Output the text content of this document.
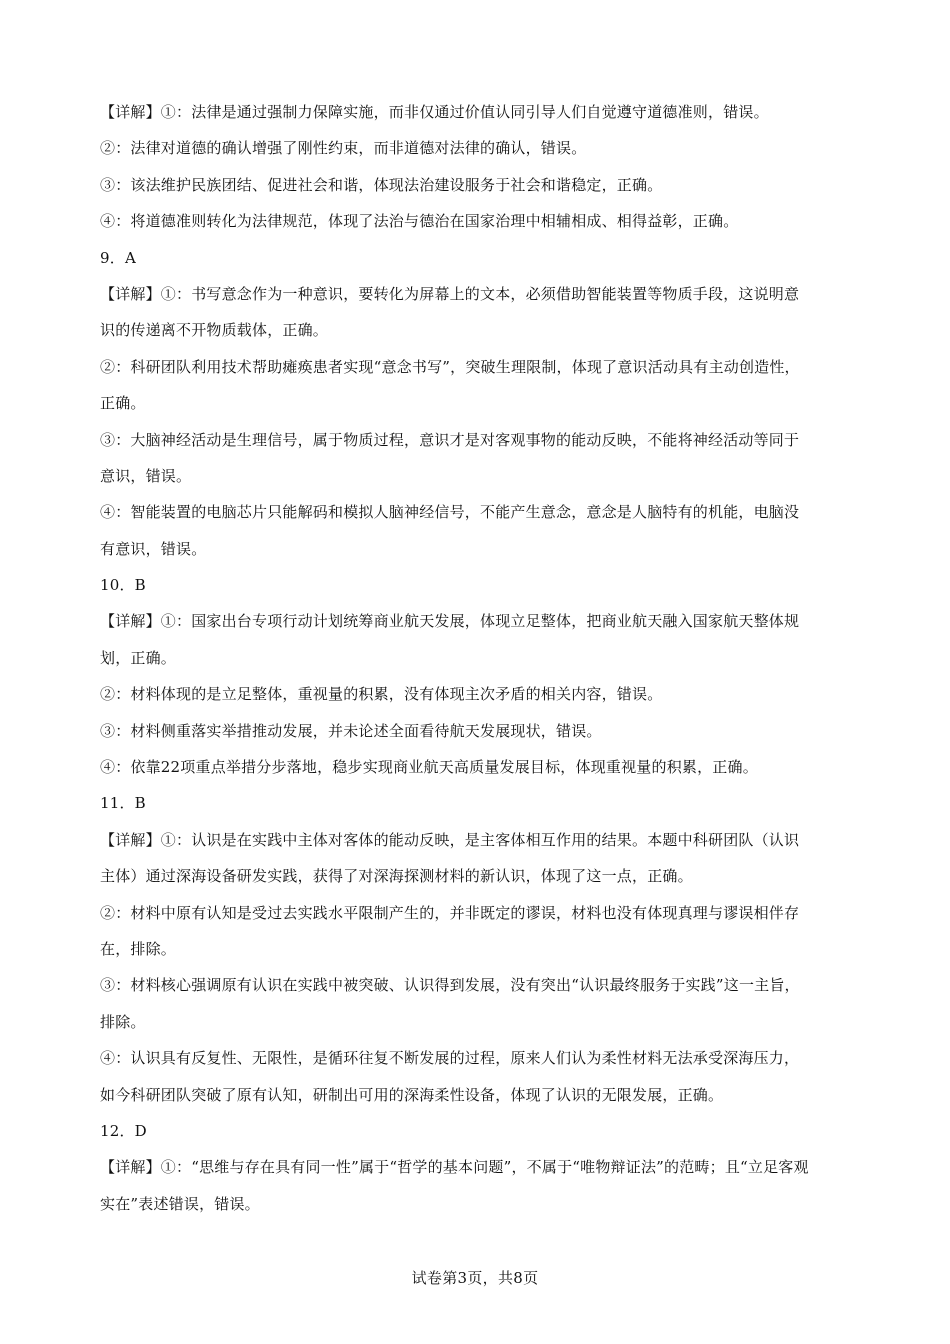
【详解】①：法律是通过强制力保障实施，而非仅通过价值认同引导人们自觉遵守道德准则，错误。
②：法律对道德的确认增强了刚性约束，而非道德对法律的确认，错误。
③：该法维护民族团结、促进社会和谐，体现法治建设服务于社会和谐稳定，正确。
④：将道德准则转化为法律规范，体现了法治与德治在国家治理中相辅相成、相得益彰，正确。
9．A
【详解】①：书写意念作为一种意识，要转化为屏幕上的文本，必须借助智能装置等物质手段，这说明意
识的传递离不开物质载体，正确。
②：科研团队利用技术帮助瘫痪患者实现“意念书写”，突破生理限制，体现了意识活动具有主动创造性，
正确。
③：大脑神经活动是生理信号，属于物质过程，意识才是对客观事物的能动反映，不能将神经活动等同于
意识，错误。
④：智能装置的电脑芯片只能解码和模拟人脑神经信号，不能产生意念，意念是人脑特有的机能，电脑没
有意识，错误。
10．B
【详解】①：国家出台专项行动计划统筹商业航天发展，体现立足整体，把商业航天融入国家航天整体规
划，正确。
②：材料体现的是立足整体，重视量的积累，没有体现主次矛盾的相关内容，错误。
③：材料侧重落实举措推动发展，并未论述全面看待航天发展现状，错误。
④：依靠22项重点举措分步落地，稳步实现商业航天高质量发展目标，体现重视量的积累，正确。
11．B
【详解】①：认识是在实践中主体对客体的能动反映，是主客体相互作用的结果。本题中科研团队（认识
主体）通过深海设备研发实践，获得了对深海探测材料的新认识，体现了这一点，正确。
②：材料中原有认知是受过去实践水平限制产生的，并非既定的谬误，材料也没有体现真理与谬误相伴存
在，排除。
③：材料核心强调原有认识在实践中被突破、认识得到发展，没有突出“认识最终服务于实践”这一主旨，
排除。
④：认识具有反复性、无限性，是循环往复不断发展的过程，原来人们认为柔性材料无法承受深海压力，
如今科研团队突破了原有认知，研制出可用的深海柔性设备，体现了认识的无限发展，正确。
12．D
【详解】①：“思维与存在具有同一性”属于“哲学的基本问题”，不属于“唯物辩证法”的范畴；且“立足客观
实在”表述错误，错误。
试卷第3页，共8页
